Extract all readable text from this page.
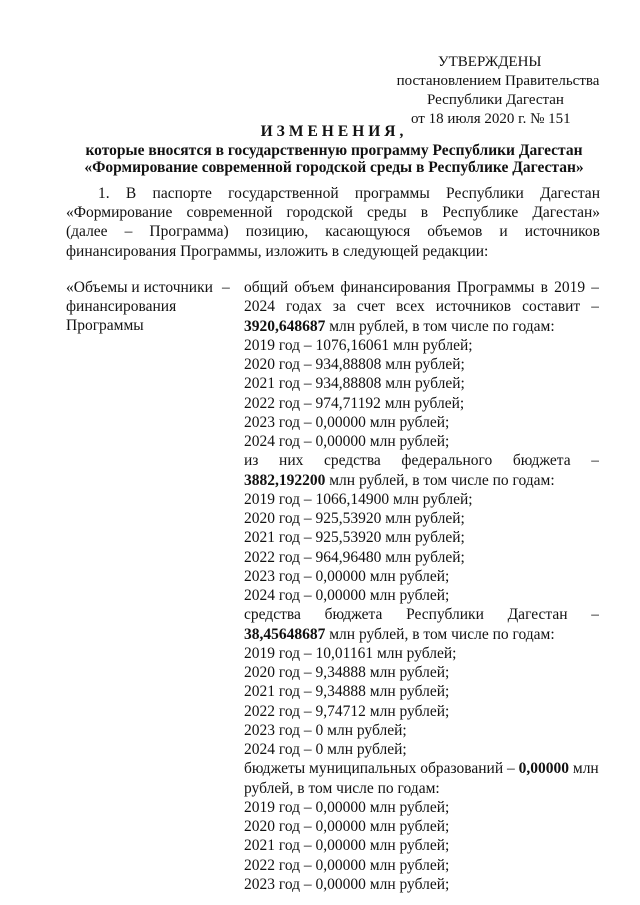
УТВЕРЖДЕНЫ
постановлением Правительства
Республики Дагестан
от 18 июля 2020 г. № 151
ИЗМЕНЕНИЯ,
которые вносятся в государственную программу Республики Дагестан
«Формирование современной городской среды в Республике Дагестан»
1. В паспорте государственной программы Республики Дагестан
«Формирование современной городской среды в Республике Дагестан»
(далее – Программа) позицию, касающуюся объемов и источников
финансирования Программы, изложить в следующей редакции:
«Объемы и источники
финансирования
Программы
– общий объем финансирования Программы в 2019 –
2024 годах за счет всех источников составит –
3920,648687 млн рублей, в том числе по годам:
2019 год – 1076,16061 млн рублей;
2020 год – 934,88808 млн рублей;
2021 год – 934,88808 млн рублей;
2022 год – 974,71192 млн рублей;
2023 год – 0,00000 млн рублей;
2024 год – 0,00000 млн рублей;
из них средства федерального бюджета –
3882,192200 млн рублей, в том числе по годам:
2019 год – 1066,14900 млн рублей;
2020 год – 925,53920 млн рублей;
2021 год – 925,53920 млн рублей;
2022 год – 964,96480 млн рублей;
2023 год – 0,00000 млн рублей;
2024 год – 0,00000 млн рублей;
средства бюджета Республики Дагестан –
38,45648687 млн рублей, в том числе по годам:
2019 год – 10,01161 млн рублей;
2020 год – 9,34888 млн рублей;
2021 год – 9,34888 млн рублей;
2022 год – 9,74712 млн рублей;
2023 год – 0 млн рублей;
2024 год – 0 млн рублей;
бюджеты муниципальных образований – 0,00000 млн
рублей, в том числе по годам:
2019 год – 0,00000 млн рублей;
2020 год – 0,00000 млн рублей;
2021 год – 0,00000 млн рублей;
2022 год – 0,00000 млн рублей;
2023 год – 0,00000 млн рублей;
